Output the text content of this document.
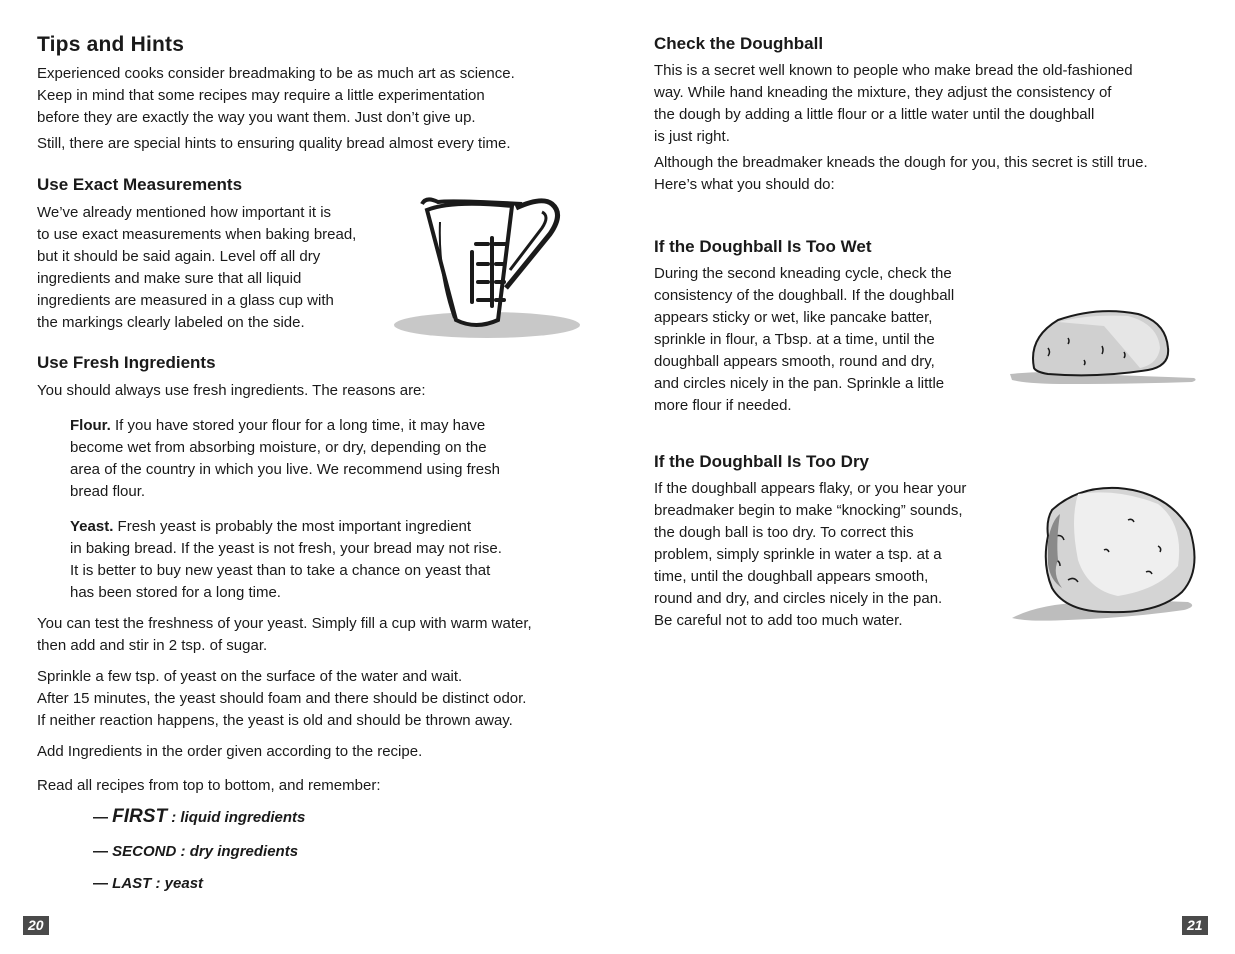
Tips and Hints

Experienced cooks consider breadmaking to be as much art as science.
Keep in mind that some recipes may require a little experimentation
before they are exactly the way you want them. Just don’t give up.

Still, there are special hints to ensuring quality bread almost every time.

Use Exact Measurements

We’ve already mentioned how important it is
to use exact measurements when baking bread,
but it should be said again. Level off all dry
ingredients and make sure that all liquid
ingredients are measured in a glass cup with
the markings clearly labeled on the side.

Use Fresh Ingredients

You should always use fresh ingredients. The reasons are:

Flour. If you have stored your flour for a long time, it may have
become wet from absorbing moisture, or dry, depending on the
area of the country in which you live. We recommend using fresh
bread flour.

Yeast. Fresh yeast is probably the most important ingredient
in baking bread. If the yeast is not fresh, your bread may not rise.
It is better to buy new yeast than to take a chance on yeast that
has been stored for a long time.

You can test the freshness of your yeast. Simply fill a cup with warm water,
then add and stir in 2 tsp. of sugar.

Sprinkle a few tsp. of yeast on the surface of the water and wait.
After 15 minutes, the yeast should foam and there should be distinct odor.
If neither reaction happens, the yeast is old and should be thrown away.

Add Ingredients in the order given according to the recipe.

Read all recipes from top to bottom, and remember:

— FIRST : liquid ingredients

— SECOND : dry ingredients

— LAST : yeast

Check the Doughball

This is a secret well known to people who make bread the old-fashioned
way. While hand kneading the mixture, they adjust the consistency of
the dough by adding a little flour or a little water until the doughball
is just right.

Although the breadmaker kneads the dough for you, this secret is still true.
Here’s what you should do:

If the Doughball Is Too Wet

During the second kneading cycle, check the
consistency of the doughball. If the doughball
appears sticky or wet, like pancake batter,
sprinkle in flour, a Tbsp. at a time, until the
doughball appears smooth, round and dry,
and circles nicely in the pan. Sprinkle a little
more flour if needed.

If the Doughball Is Too Dry

If the doughball appears flaky, or you hear your
breadmaker begin to make “knocking” sounds,
the dough ball is too dry. To correct this
problem, simply sprinkle in water a tsp. at a
time, until the doughball appears smooth,
round and dry, and circles nicely in the pan.
Be careful not to add too much water.

20	21
